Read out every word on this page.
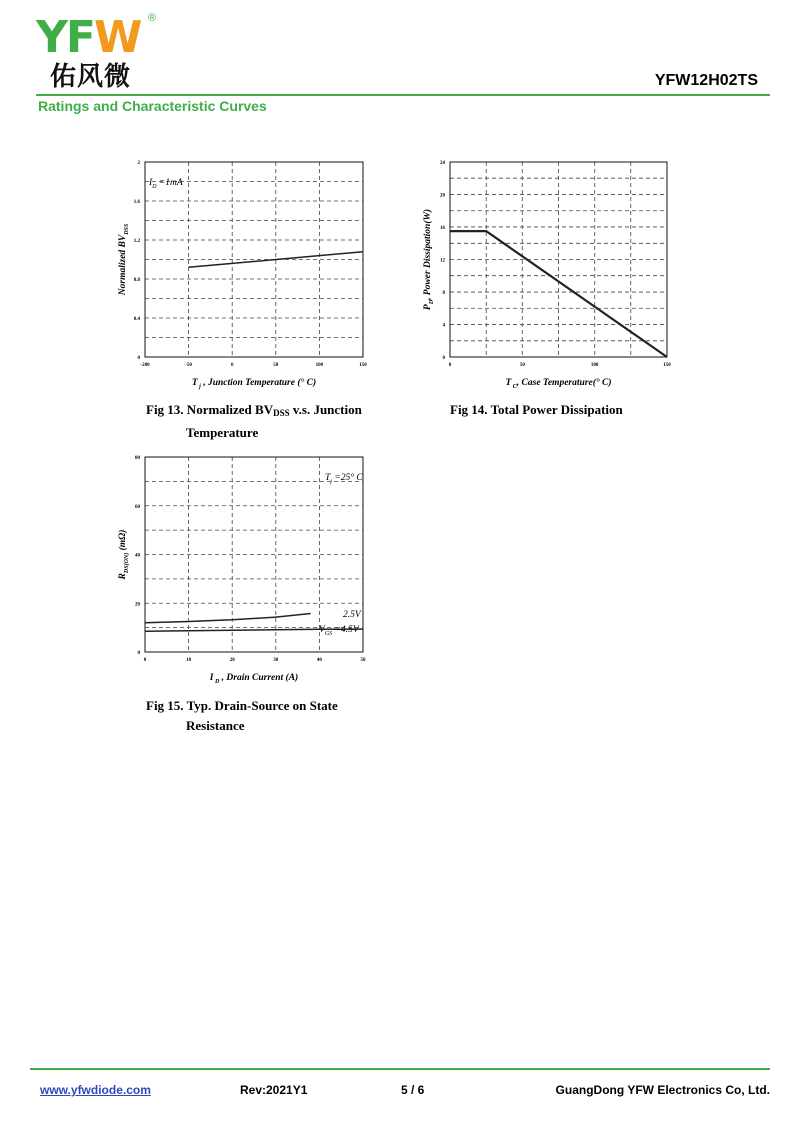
YFW ®
佑风微	YFW12H02TS
Ratings and Characteristic Curves
-200	-50	0	50	100	150
0
0.4
0.8
1.2
1.6
2
T $_j$ , Junction Temperature (° C)
Normalized $BV_{DSS}$
$I_D =1mA$
Fig 13. Normalized $BV_{DSS}$ v.s. Junction
Temperature
0	50	100	150
0
4
8
12
16
20
24
T $_C$, Case Temperature(° C)
$P_D$, Power Dissipation(W)
Fig 14. Total Power Dissipation
0	10	20	30	40	50
0
20
40
60
80
I $_D$ , Drain Current (A)
$R_{DS(ON)}$ (mΩ)
$T_j =25^\circ$ C
2.5V
$V_{GS} =4.5V$
Fig 15. Typ. Drain-Source on State
Resistance
www.yfwdiode.com	Rev:2021Y1	5 / 6	GuangDong YFW Electronics Co, Ltd.
